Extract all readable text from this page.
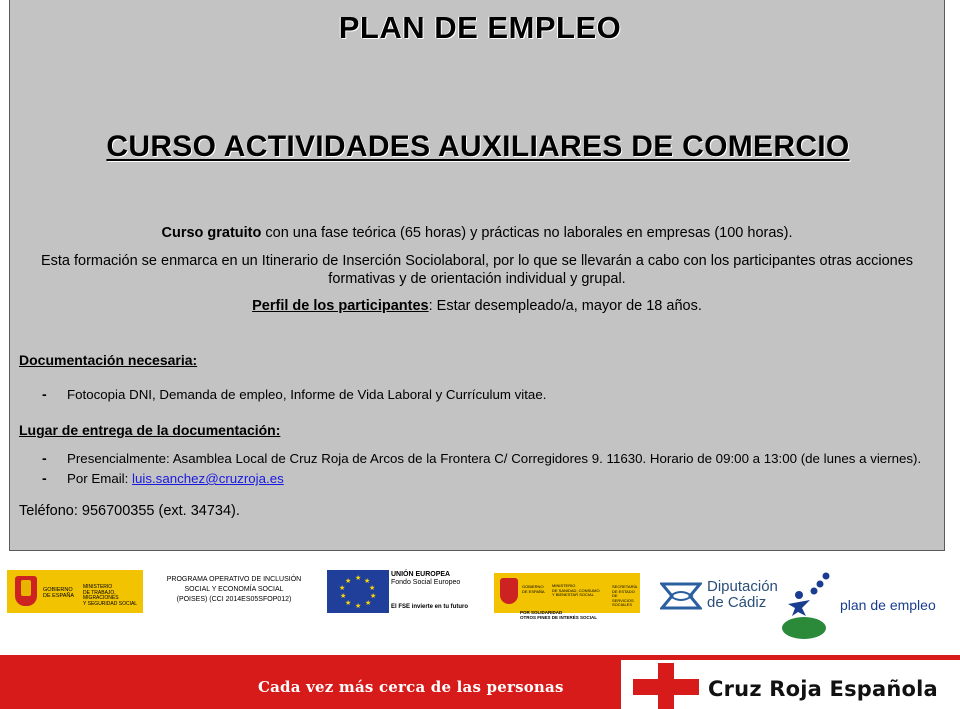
PLAN DE EMPLEO
CURSO ACTIVIDADES AUXILIARES DE COMERCIO
Curso gratuito con una fase teórica (65 horas) y prácticas no laborales en empresas (100 horas).
Esta formación se enmarca en un Itinerario de Inserción Sociolaboral, por lo que se llevarán a cabo con los participantes otras acciones
formativas y de orientación individual y grupal.
Perfil de los participantes: Estar desempleado/a, mayor de 18 años.
Documentación necesaria:
- Fotocopia DNI, Demanda de empleo, Informe de Vida Laboral y Currículum vitae.
Lugar de entrega de la documentación:
- Presencialmente: Asamblea Local de Cruz Roja de Arcos de la Frontera C/ Corregidores 9. 11630. Horario de 09:00 a 13:00 (de lunes a viernes).
- Por Email: luis.sanchez@cruzroja.es
Teléfono: 956700355 (ext. 34734).
GOBIERNO
DE ESPAÑA
MINISTERIO
DE TRABAJO, MIGRACIONES
Y SEGURIDAD SOCIAL
PROGRAMA OPERATIVO DE INCLUSIÓN
SOCIAL Y ECONOMÍA SOCIAL
(POISES) (CCI 2014ES05SFOP012)
★ ★
★
★
★
★
★
★
★
★
UNIÓN EUROPEA
Fondo Social Europeo
El FSE invierte en tu futuro
GOBIERNO
DE ESPAÑA
MINISTERIO
DE SANIDAD, CONSUMO
Y BIENESTAR SOCIAL
SECRETARÍA DE ESTADO
DE SERVICIOS SOCIALES
POR SOLIDARIDAD
OTROS FINES DE INTERÉS SOCIAL
Diputación
de Cádiz	plan de empleo
Cada vez más cerca de las personas	Cruz Roja Española
